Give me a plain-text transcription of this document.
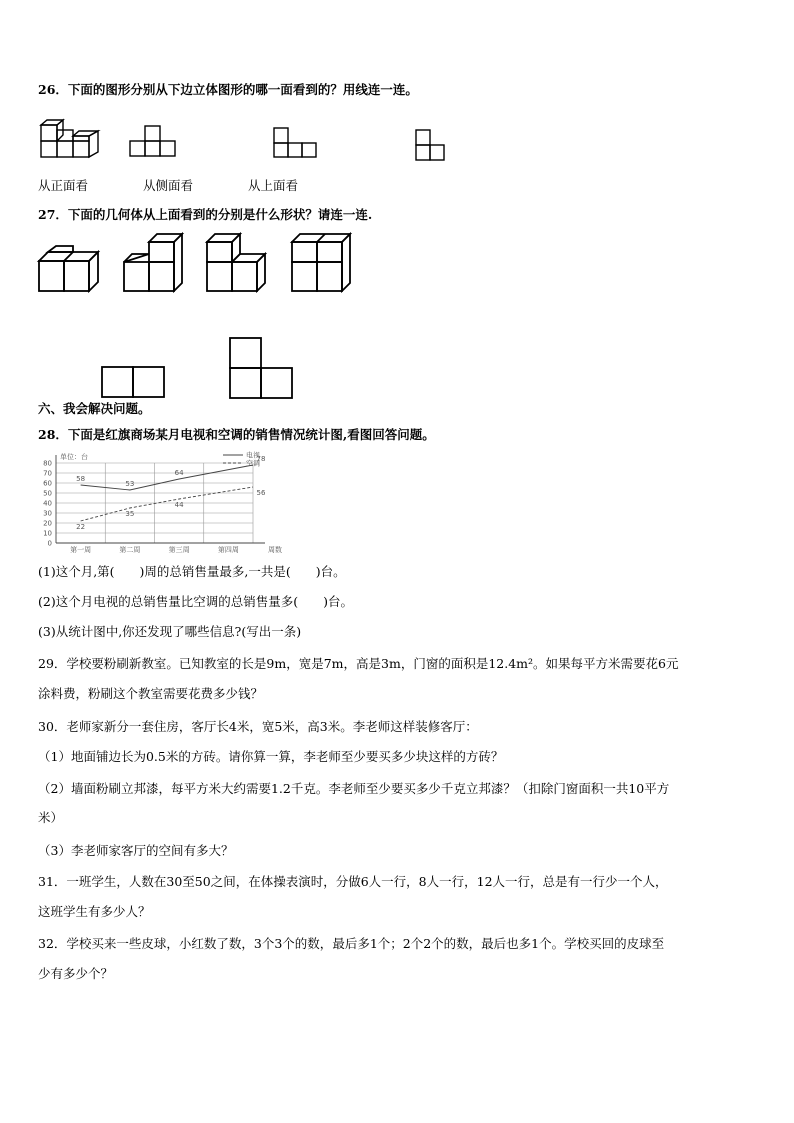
26．下面的图形分别从下边立体图形的哪一面看到的？用线连一连。
从正面看	从侧面看	从上面看
27．下面的几何体从上面看到的分别是什么形状？请连一连.
六、我会解决问题。
28．下面是红旗商场某月电视和空调的销售情况统计图,看图回答问题。
0
10
20
30
40
50
60
70
80
单位：台
第一周	第二周	第三周	第四周	周数
58
53
64
78
电视
22
35
44
56
空调
(1)这个月,第(　　)周的总销售量最多,一共是(　　)台。
(2)这个月电视的总销售量比空调的总销售量多(　　)台。
(3)从统计图中,你还发现了哪些信息?(写出一条)
29．学校要粉刷新教室。已知教室的长是9m，宽是7m，高是3m，门窗的面积是12.4m²。如果每平方米需要花6元
涂料费，粉刷这个教室需要花费多少钱？
30．老师家新分一套住房，客厅长4米，宽5米，高3米。李老师这样装修客厅：
（1）地面铺边长为0.5米的方砖。请你算一算，李老师至少要买多少块这样的方砖？
（2）墙面粉刷立邦漆，每平方米大约需要1.2千克。李老师至少要买多少千克立邦漆？（扣除门窗面积一共10平方
米）
（3）李老师家客厅的空间有多大？
31．一班学生，人数在30至50之间，在体操表演时，分做6人一行，8人一行，12人一行，总是有一行少一个人，
这班学生有多少人？
32．学校买来一些皮球，小红数了数，3个3个的数，最后多1个；2个2个的数，最后也多1个。学校买回的皮球至
少有多少个？
